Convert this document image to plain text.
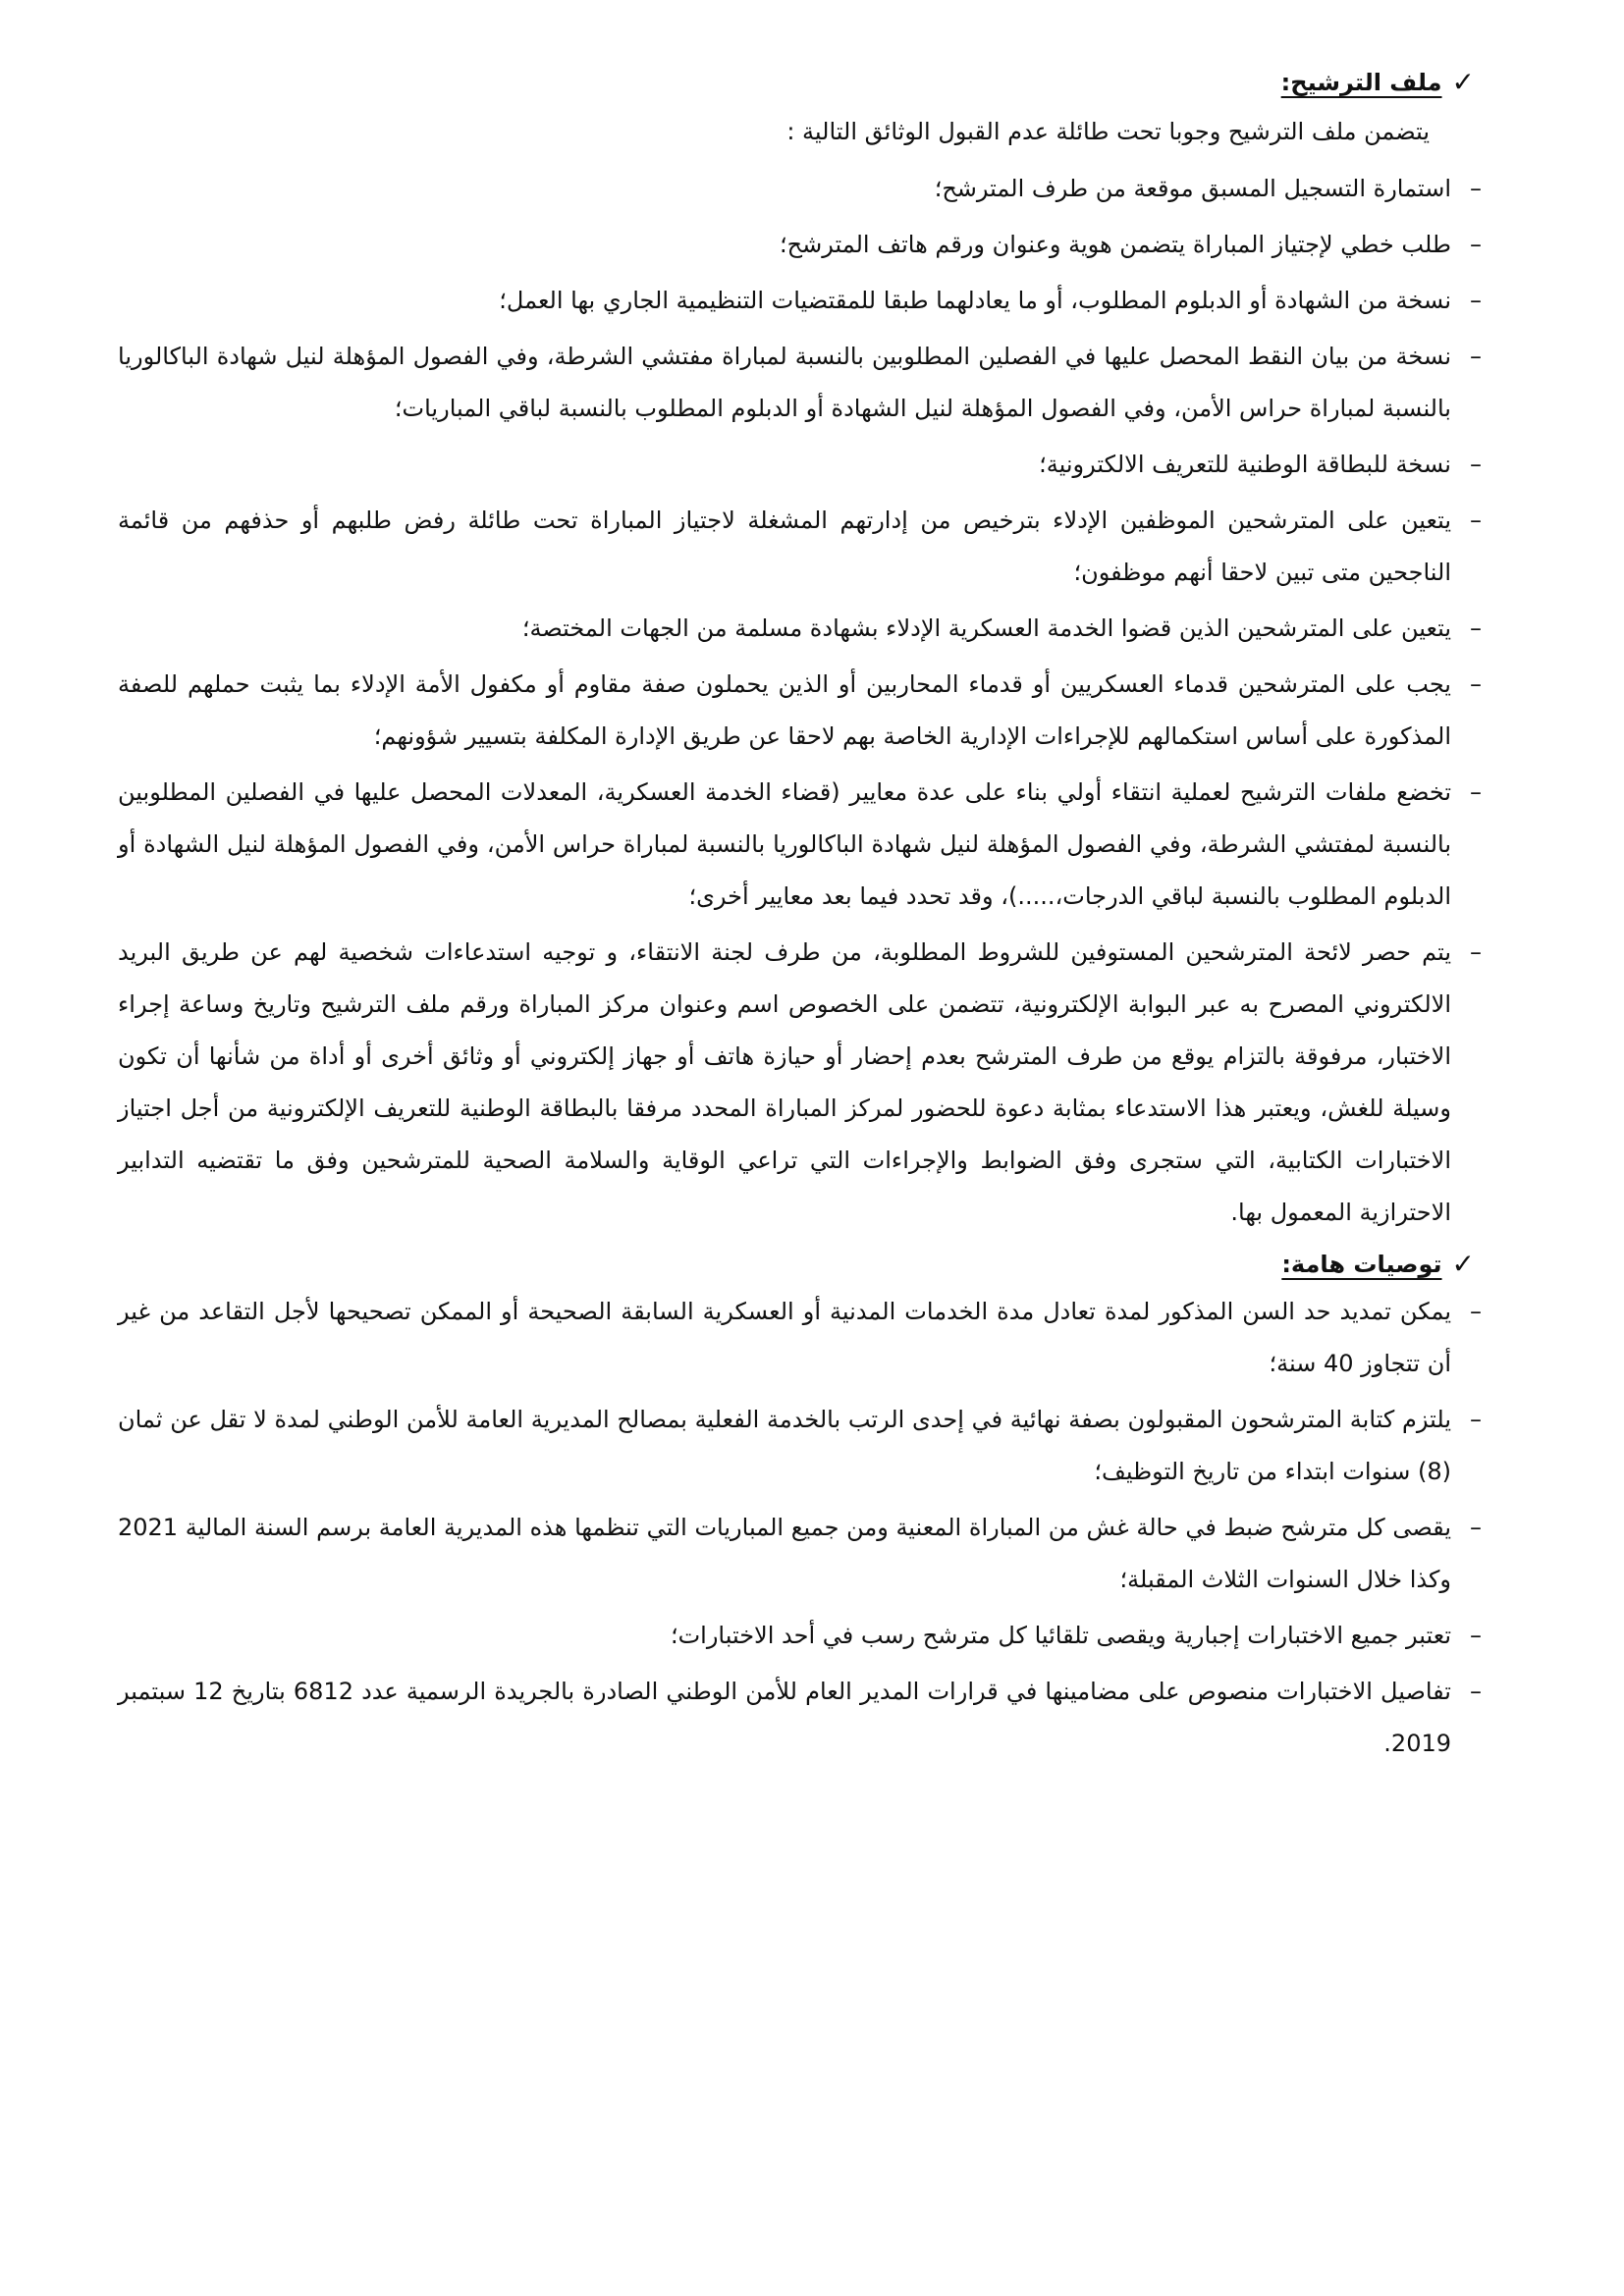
✓
ملف الترشيح:
يتضمن ملف الترشيح وجوبا تحت طائلة عدم القبول الوثائق التالية :
–
استمارة التسجيل المسبق موقعة من طرف المترشح؛
–
طلب خطي لإجتياز المباراة يتضمن هوية وعنوان ورقم هاتف المترشح؛
–
نسخة من الشهادة أو الدبلوم المطلوب، أو ما يعادلهما طبقا للمقتضيات التنظيمية الجاري بها العمل؛
–
نسخة من بيان النقط المحصل عليها في الفصلين المطلوبين بالنسبة لمباراة مفتشي الشرطة، وفي الفصول المؤهلة لنيل شهادة الباكالوريا بالنسبة لمباراة حراس الأمن، وفي الفصول المؤهلة لنيل الشهادة أو الدبلوم المطلوب بالنسبة لباقي المباريات؛
–
نسخة للبطاقة الوطنية للتعريف الالكترونية؛
–
يتعين على المترشحين الموظفين الإدلاء بترخيص من إدارتهم المشغلة لاجتياز المباراة تحت طائلة رفض طلبهم أو حذفهم من قائمة الناجحين متى تبين لاحقا أنهم موظفون؛
–
يتعين على المترشحين الذين قضوا الخدمة العسكرية الإدلاء بشهادة مسلمة من الجهات المختصة؛
–
يجب على المترشحين قدماء العسكريين أو قدماء المحاربين أو الذين يحملون صفة مقاوم أو مكفول الأمة الإدلاء بما يثبت حملهم للصفة المذكورة على أساس استكمالهم للإجراءات الإدارية الخاصة بهم لاحقا عن طريق الإدارة المكلفة بتسيير شؤونهم؛
–
تخضع ملفات الترشيح لعملية انتقاء أولي بناء على عدة معايير (قضاء الخدمة العسكرية، المعدلات المحصل عليها في الفصلين المطلوبين بالنسبة لمفتشي الشرطة، وفي الفصول المؤهلة لنيل شهادة الباكالوريا بالنسبة لمباراة حراس الأمن، وفي الفصول المؤهلة لنيل الشهادة أو الدبلوم المطلوب بالنسبة لباقي الدرجات،.....)، وقد تحدد فيما بعد معايير أخرى؛
–
يتم حصر لائحة المترشحين المستوفين للشروط المطلوبة، من طرف لجنة الانتقاء، و توجيه استدعاءات شخصية لهم عن طريق البريد الالكتروني المصرح به عبر البوابة الإلكترونية، تتضمن على الخصوص اسم وعنوان مركز المباراة ورقم ملف الترشيح وتاريخ وساعة إجراء الاختبار، مرفوقة بالتزام يوقع من طرف المترشح بعدم إحضار أو حيازة هاتف أو جهاز إلكتروني أو وثائق أخرى أو أداة من شأنها أن تكون وسيلة للغش، ويعتبر هذا الاستدعاء بمثابة دعوة للحضور لمركز المباراة المحدد مرفقا بالبطاقة الوطنية للتعريف الإلكترونية من أجل اجتياز الاختبارات الكتابية، التي ستجرى وفق الضوابط والإجراءات التي تراعي الوقاية والسلامة الصحية للمترشحين وفق ما تقتضيه التدابير الاحترازية المعمول بها.
✓
توصيات هامة:
–
يمكن تمديد حد السن المذكور لمدة تعادل مدة الخدمات المدنية أو العسكرية السابقة الصحيحة أو الممكن تصحيحها لأجل التقاعد من غير أن تتجاوز 40 سنة؛
–
يلتزم كتابة المترشحون المقبولون بصفة نهائية في إحدى الرتب بالخدمة الفعلية بمصالح المديرية العامة للأمن الوطني لمدة لا تقل عن ثمان (8) سنوات ابتداء من تاريخ التوظيف؛
–
يقصى كل مترشح ضبط في حالة غش من المباراة المعنية ومن جميع المباريات التي تنظمها هذه المديرية العامة برسم السنة المالية 2021 وكذا خلال السنوات الثلاث المقبلة؛
–
تعتبر جميع الاختبارات إجبارية ويقصى تلقائيا كل مترشح رسب في أحد الاختبارات؛
–
تفاصيل الاختبارات منصوص على مضامينها في قرارات المدير العام للأمن الوطني الصادرة بالجريدة الرسمية عدد 6812 بتاريخ 12 سبتمبر 2019.
